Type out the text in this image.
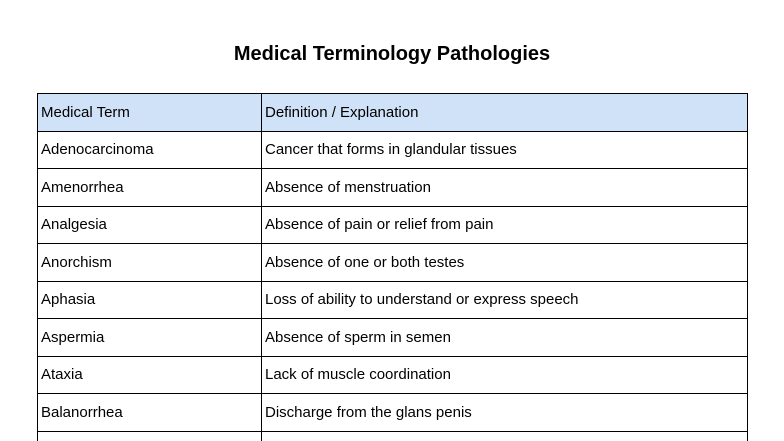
Medical Terminology Pathologies
Medical Term	Definition / Explanation
Adenocarcinoma	Cancer that forms in glandular tissues
Amenorrhea	Absence of menstruation
Analgesia	Absence of pain or relief from pain
Anorchism	Absence of one or both testes
Aphasia	Loss of ability to understand or express speech
Aspermia	Absence of sperm in semen
Ataxia	Lack of muscle coordination
Balanorrhea	Discharge from the glans penis
